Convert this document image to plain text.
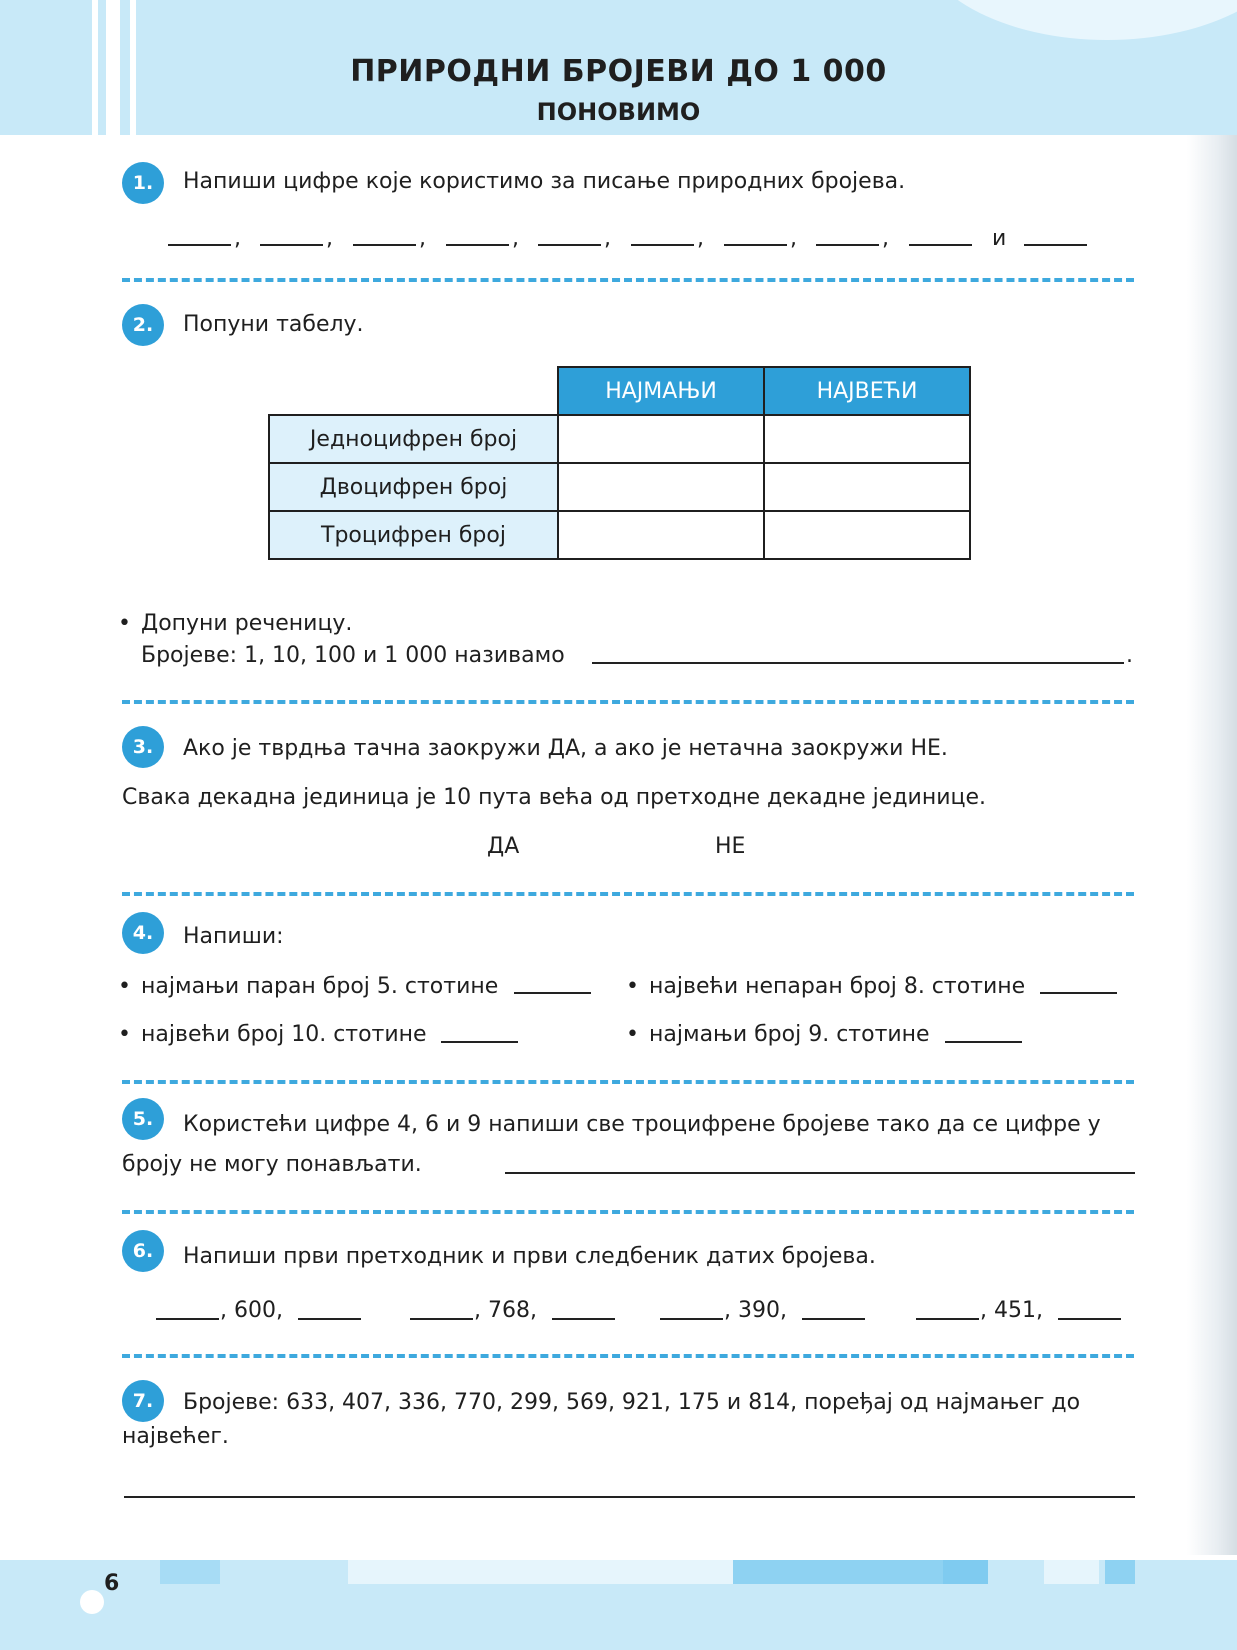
ПРИРОДНИ БРОЈЕВИ ДО 1 000
ПОНОВИМО
1.	Напиши цифре које користимо за писање природних бројева.
,	,	,	,	,	,	,	,	и
2.	Попуни табелу.
	НАЈМАЊИ	НАЈВЕЋИ
Једноцифрен број		
Двоцифрен број		
Троцифрен број		
• Допуни реченицу.
Бројеве: 1, 10, 100 и 1 000 називамо	.
3.	Ако је тврдња тачна заокружи ДА, а ако је нетачна заокружи НЕ.
Свака декадна јединица је 10 пута већа од претходне декадне јединице.
ДА	НЕ
4.	Напиши:
• најмањи паран број 5. стотине	• највећи непаран број 8. стотине
• највећи број 10. стотине	• најмањи број 9. стотине
5.	Користећи цифре 4, 6 и 9 напиши све троцифрене бројеве тако да се цифре у
броју не могу понављати.
6.	Напиши први претходник и први следбеник датих бројева.
, 600,	, 768,	, 390,	, 451,
7.	Бројеве: 633, 407, 336, 770, 299, 569, 921, 175 и 814, поређај од најмањег до
највећег.
6
